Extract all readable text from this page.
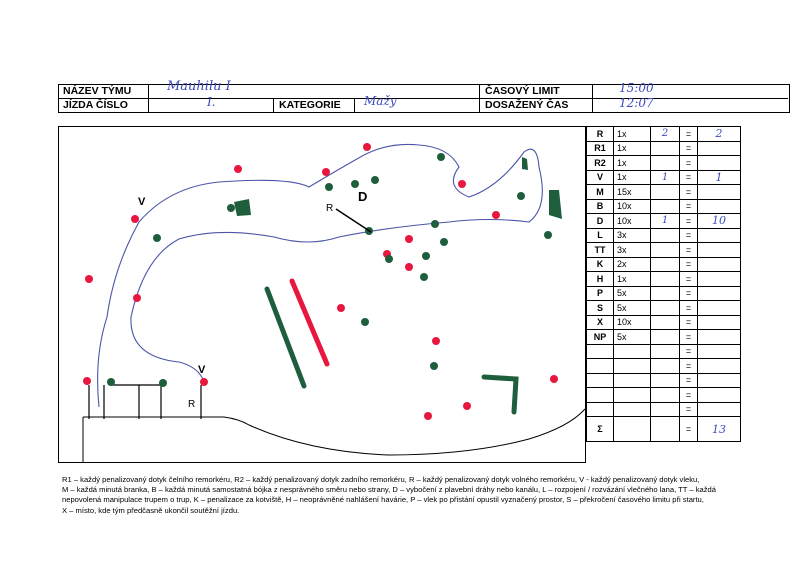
NÁZEV TÝMU	Mauhilu I
JÍZDA ČÍSLO	I.	KATEGORIE Mažy
ČASOVÝ LIMIT	15:00
DOSAŽENÝ ČAS	12:07
V
V
R
R
D
R	1x	2	=	2
R1	1x		=	
R2	1x		=	
V	1x	1	=	1
M	15x		=	
B	10x		=	
D	10x	1	=	10
L	3x		=	
TT	3x		=	
K	2x		=	
H	1x		=	
P	5x		=	
S	5x		=	
X	10x		=	
NP	5x		=	
			=	
			=	
			=	
			=	
			=	
Σ			=	13
R1 – každý penalizovaný dotyk čelního remorkéru, R2 – každý penalizovaný dotyk zadního remorkéru, R – každý penalizovaný dotyk volného remorkéru, V - každý penalizovaný dotyk vleku,
M – každá minutá branka, B – každá minutá samostatná bójka z nesprávného směru nebo strany, D – vybočení z plavební dráhy nebo kanálu, L – rozpojení / rozvázání vlečného lana, TT – každá
nepovolená manipulace trupem o trup, K – penalizace za kotviště, H – neoprávněné nahlášení havárie, P – vlek po přistání opustil vyznačený prostor, S – překročení časového limitu při startu,
X – místo, kde tým předčasně ukončil soutěžní jízdu.
